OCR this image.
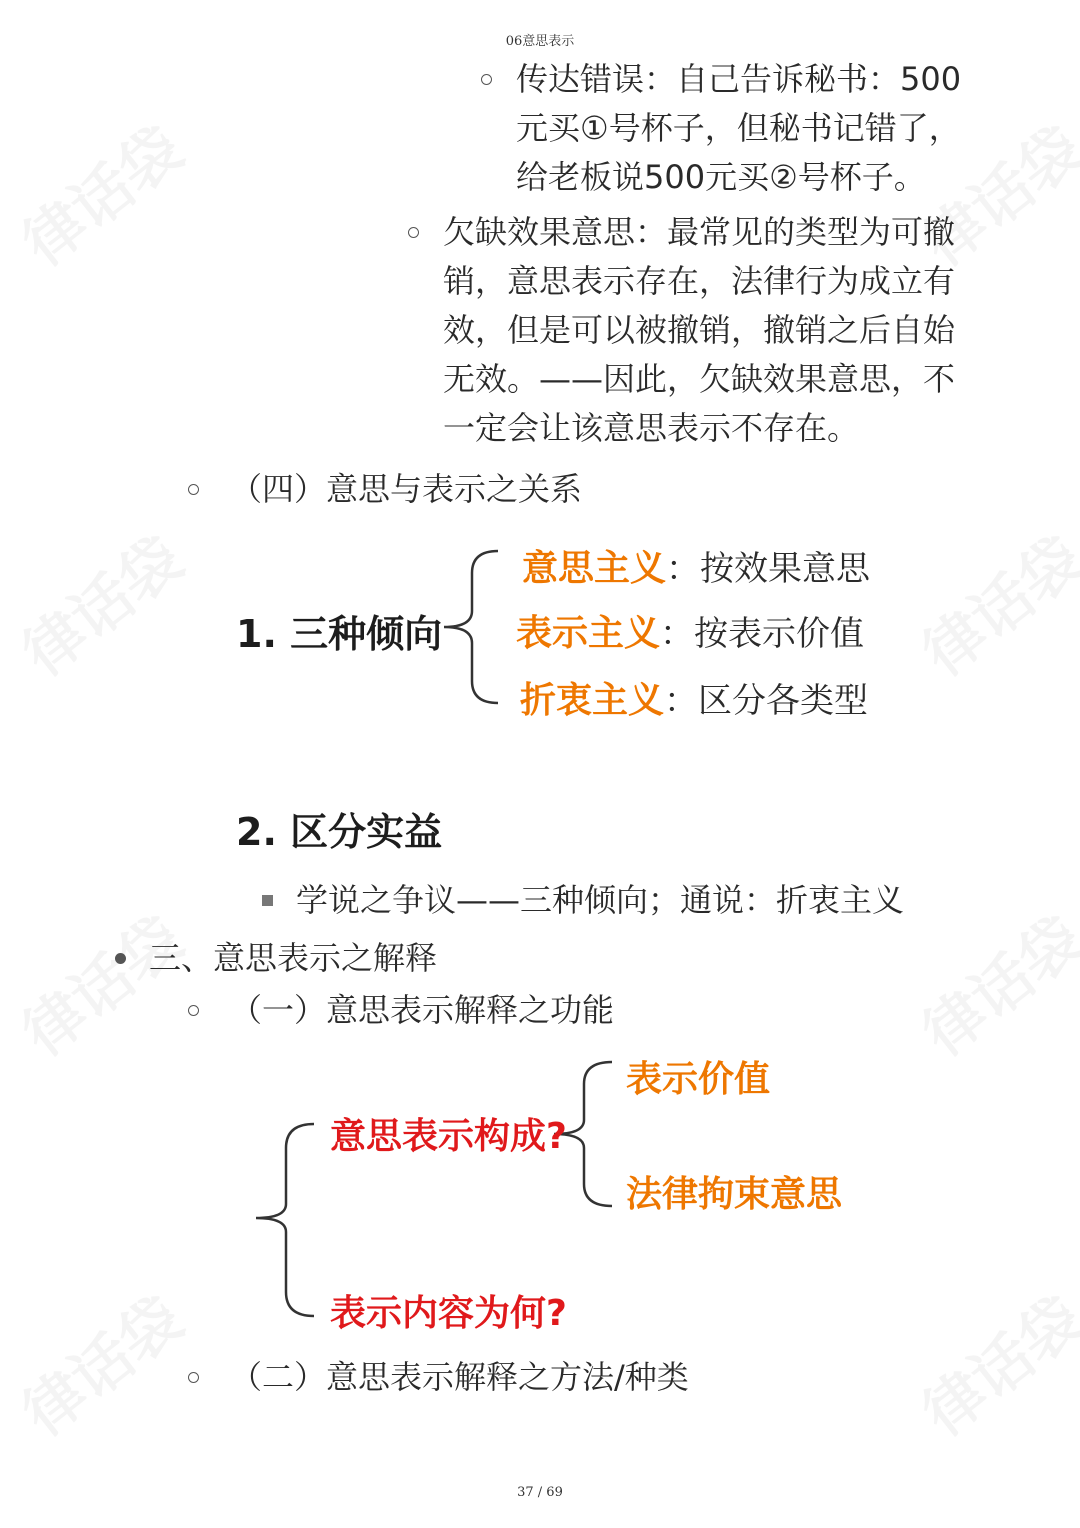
06意思表示
传达错误：自己告诉秘书：500
元买①号杯子，但秘书记错了，
给老板说500元买②号杯子。
欠缺效果意思：最常见的类型为可撤
销，意思表示存在，法律行为成立有
效，但是可以被撤销，撤销之后自始
无效。——因此，欠缺效果意思，不
一定会让该意思表示不存在。
（四）意思与表示之关系
1. 三种倾向
意思主义：按效果意思
表示主义：按表示价值
折衷主义：区分各类型
2. 区分实益
学说之争议——三种倾向；通说：折衷主义
三、意思表示之解释
（一）意思表示解释之功能
意思表示构成?
表示价值
法律拘束意思
表示内容为何?
（二）意思表示解释之方法/种类
37 / 69
